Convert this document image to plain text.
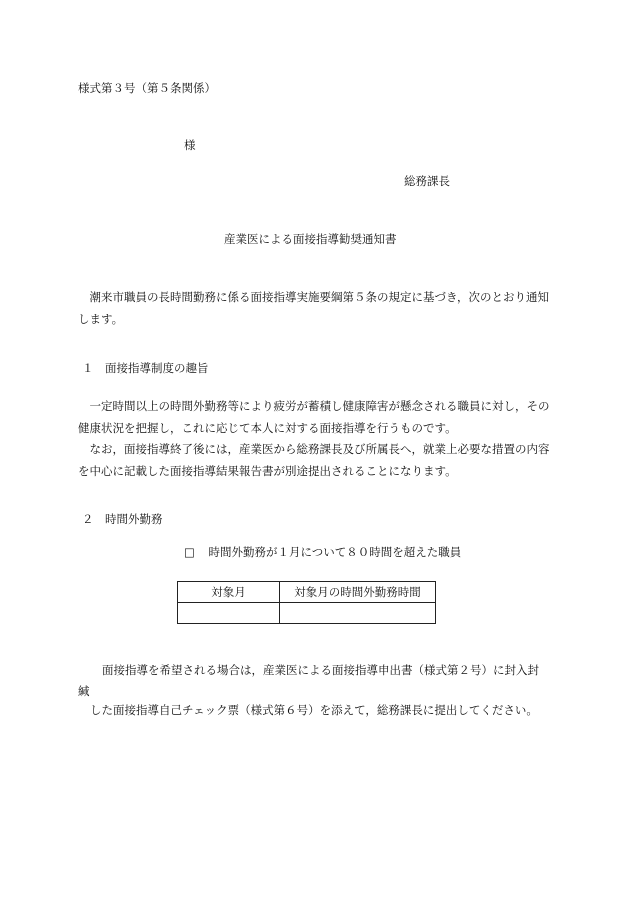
様式第３号（第５条関係）
様
総務課長
産業医による面接指導勧奨通知書
　潮来市職員の長時間勤務に係る面接指導実施要綱第５条の規定に基づき，次のとおり通知します。
１　面接指導制度の趣旨
　一定時間以上の時間外勤務等により疲労が蓄積し健康障害が懸念される職員に対し，その健康状況を把握し，これに応じて本人に対する面接指導を行うものです。
　なお，面接指導終了後には，産業医から総務課長及び所属長へ，就業上必要な措置の内容を中心に記載した面接指導結果報告書が別途提出されることになります。
２　時間外勤務
□ 時間外勤務が１月について８０時間を超えた職員
対象月	対象月の時間外勤務時間

面接指導を希望される場合は，産業医による面接指導申出書（様式第２号）に封入封
緘
した面接指導自己チェック票（様式第６号）を添えて，総務課長に提出してください。
